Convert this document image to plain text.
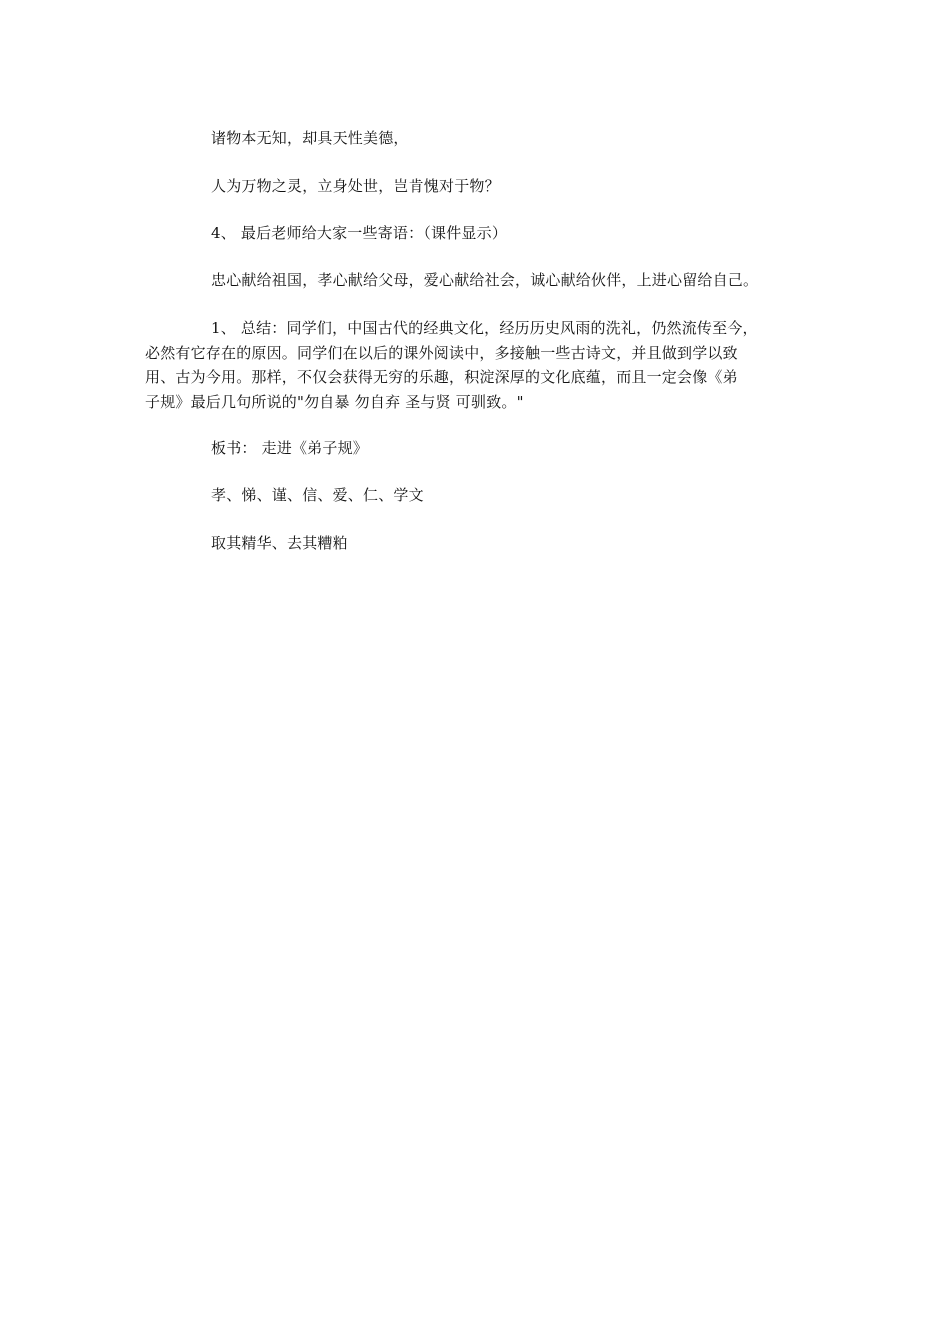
诸物本无知，却具天性美德，
人为万物之灵，立身处世，岂肯愧对于物？
4、 最后老师给大家一些寄语：（课件显示）
忠心献给祖国，孝心献给父母，爱心献给社会，诚心献给伙伴，上进心留给自己。
1、 总结：同学们，中国古代的经典文化，经历历史风雨的洗礼，仍然流传至今，
必然有它存在的原因。同学们在以后的课外阅读中，多接触一些古诗文，并且做到学以致
用、古为今用。那样，不仅会获得无穷的乐趣，积淀深厚的文化底蕴，而且一定会像《弟
子规》最后几句所说的"勿自暴 勿自弃 圣与贤 可驯致。"
板书： 走进《弟子规》
孝、悌、谨、信、爱、仁、学文
取其精华、去其糟粕
